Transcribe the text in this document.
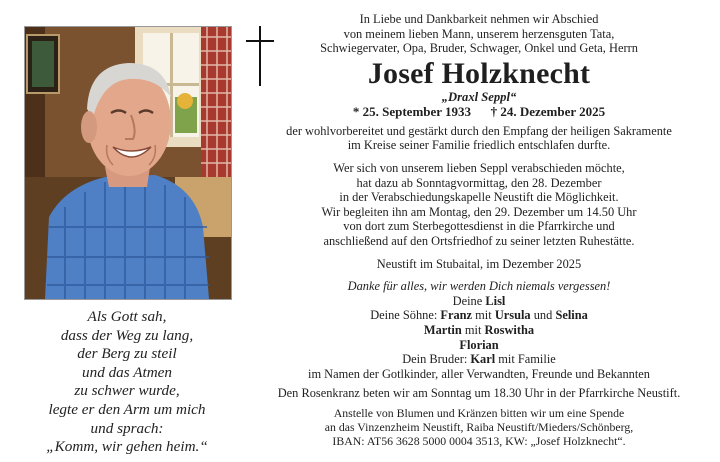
Als Gott sah,
dass der Weg zu lang,
der Berg zu steil
und das Atmen
zu schwer wurde,
legte er den Arm um mich
und sprach:
„Komm, wir gehen heim.“
In Liebe und Dankbarkeit nehmen wir Abschied
von meinem lieben Mann, unserem herzensguten Tata,
Schwiegervater, Opa, Bruder, Schwager, Onkel und Geta, Herrn
Josef Holzknecht
„Draxl Seppl“
* 25. September 1933 † 24. Dezember 2025
der wohlvorbereitet und gestärkt durch den Empfang der heiligen Sakramente
im Kreise seiner Familie friedlich entschlafen durfte.
Wer sich von unserem lieben Seppl verabschieden möchte,
hat dazu ab Sonntagvormittag, den 28. Dezember
in der Verabschiedungskapelle Neustift die Möglichkeit.
Wir begleiten ihn am Montag, den 29. Dezember um 14.50 Uhr
von dort zum Sterbegottesdienst in die Pfarrkirche und
anschließend auf den Ortsfriedhof zu seiner letzten Ruhestätte.
Neustift im Stubaital, im Dezember 2025
Danke für alles, wir werden Dich niemals vergessen!
Deine Lisl
Deine Söhne: Franz mit Ursula und Selina
Martin mit Roswitha
Florian
Dein Bruder: Karl mit Familie
im Namen der Gotlkinder, aller Verwandten, Freunde und Bekannten
Den Rosenkranz beten wir am Sonntag um 18.30 Uhr in der Pfarrkirche Neustift.
Anstelle von Blumen und Kränzen bitten wir um eine Spende
an das Vinzenzheim Neustift, Raiba Neustift/Mieders/Schönberg,
IBAN: AT56 3628 5000 0004 3513, KW: „Josef Holzknecht“.
